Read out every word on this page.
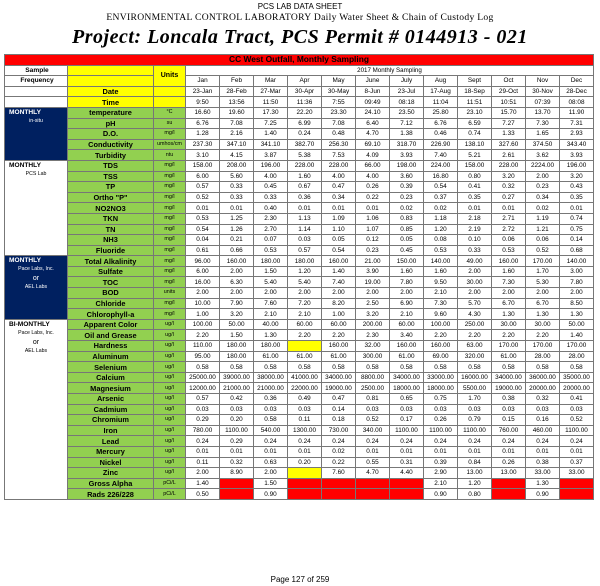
PCS LAB DATA SHEET
ENVIRONMENTAL CONTROL LABORATORY Daily Water Sheet & Chain of Custody Log
Project: Loncala Tract, PCS Permit # 0144913 - 021
CC West Outfall, Monthly Sampling														
Sample		Units	2017 Monthly Sampling											
Frequency			Jan	Feb	Mar	Apr	May	June	July	Aug	Sept	Oct	Nov	Dec
	Date		23-Jan	28-Feb	27-Mar	30-Apr	30-May	8-Jun	23-Jul	17-Aug	18-Sep	29-Oct	30-Nov	28-Dec
	Time		9:50	13:56	11:50	11:36	7:55	09:49	08:18	11:04	11:51	10:51	07:39	08:08

MONTHLY
in-situ	temperature	°C	16.60	19.60	17.30	22.20	23.30	24.10	23.50	25.80	23.10	15.70	13.70	11.90
	pH	su	6.76	7.08	7.25	6.99	7.08	6.40	7.12	6.76	6.59	7.27	7.30	7.31
	D.O.	mg/l	1.28	2.16	1.40	0.24	0.48	4.70	1.38	0.46	0.74	1.33	1.65	2.93
	Conductivity	umhos/cm	237.30	347.10	341.10	382.70	256.30	69.10	318.70	226.90	138.10	327.60	374.50	343.40
	Turbidity	ntu	3.10	4.15	3.87	5.38	7.53	4.09	3.93	7.40	5.21	2.61	3.62	3.93

MONTHLY
PCS Lab	TDS	mg/l	158.00	208.00	196.00	228.00	228.00	66.00	198.00	224.00	158.00	228.00	2224.00	196.00
	TSS	mg/l	6.00	5.60	4.00	1.60	4.00	4.00	3.60	16.80	0.80	3.20	2.00	3.20
	TP	mg/l	0.57	0.33	0.45	0.67	0.47	0.26	0.39	0.54	0.41	0.32	0.23	0.43
	Ortho "P"	mg/l	0.52	0.33	0.33	0.36	0.34	0.22	0.23	0.37	0.35	0.27	0.34	0.35
	NO2NO3	mg/l	0.01	0.01	0.40	0.01	0.01	0.01	0.02	0.02	0.01	0.01	0.02	0.01
	TKN	mg/l	0.53	1.25	2.30	1.13	1.09	1.06	0.83	1.18	2.18	2.71	1.19	0.74
	TN	mg/l	0.54	1.26	2.70	1.14	1.10	1.07	0.85	1.20	2.19	2.72	1.21	0.75
	NH3	mg/l	0.04	0.21	0.07	0.03	0.05	0.12	0.05	0.08	0.10	0.06	0.06	0.14
	Fluoride	mg/l	0.61	0.66	0.53	0.57	0.54	0.23	0.45	0.53	0.33	0.53	0.52	0.68

MONTHLY
Pace Labs, Inc.
or
AEL Labs	Total Alkalinity	mg/l	96.00	160.00	180.00	180.00	160.00	21.00	150.00	140.00	49.00	160.00	170.00	140.00
	Sulfate	mg/l	6.00	2.00	1.50	1.20	1.40	3.90	1.60	1.60	2.00	1.60	1.70	3.00
	TOC	mg/l	16.00	6.30	5.40	5.40	7.40	19.00	7.80	9.50	30.00	7.30	5.30	7.80
	BOD	units	2.00	2.00	2.00	2.00	2.00	2.00	2.00	2.10	2.00	2.00	2.00	2.00
	Chloride	mg/l	10.00	7.90	7.60	7.20	8.20	2.50	6.90	7.30	5.70	6.70	6.70	8.50
	Chlorophyll-a	mg/l	1.00	3.20	2.10	2.10	1.00	3.20	2.10	9.60	4.30	1.30	1.30	1.30

BI-MONTHLY
Pace Labs, Inc.
or
AEL Labs	Apparent Color	ug/l	100.00	50.00	40.00	60.00	60.00	200.00	60.00	100.00	250.00	30.00	30.00	50.00
	Oil and Grease	ug/l	2.20	1.50	1.30	2.20	2.20	2.30	3.40	2.20	2.20	2.20	2.20	1.40
	Hardness	ug/l	110.00	180.00	180.00		160.00	32.00	160.00	160.00	63.00	170.00	170.00	170.00
	Aluminum	ug/l	95.00	180.00	61.00	61.00	61.00	300.00	61.00	69.00	320.00	61.00	28.00	28.00
	Selenium	ug/l	0.58	0.58	0.58	0.58	0.58	0.58	0.58	0.58	0.58	0.58	0.58	0.58
	Calcium	ug/l	25000.00	39000.00	38000.00	41000.00	34000.00	8800.00	34000.00	33000.00	16000.00	34000.00	36000.00	35000.00
	Magnesium	ug/l	12000.00	21000.00	21000.00	22000.00	19000.00	2500.00	18000.00	18000.00	5500.00	19000.00	20000.00	20000.00
	Arsenic	ug/l	0.57	0.42	0.36	0.49	0.47	0.81	0.65	0.75	1.70	0.38	0.32	0.41
	Cadmium	ug/l	0.03	0.03	0.03	0.03	0.14	0.03	0.03	0.03	0.03	0.03	0.03	0.03
	Chromium	ug/l	0.29	0.20	0.58	0.11	0.18	0.52	0.17	0.26	0.79	0.15	0.16	0.52
	Iron	ug/l	780.00	1100.00	540.00	1300.00	730.00	340.00	1100.00	1100.00	1100.00	760.00	460.00	1100.00
	Lead	ug/l	0.24	0.29	0.24	0.24	0.24	0.24	0.24	0.24	0.24	0.24	0.24	0.24
	Mercury	ug/l	0.01	0.01	0.01	0.01	0.02	0.01	0.01	0.01	0.01	0.01	0.01	0.01
	Nickel	ug/l	0.11	0.32	0.63	0.20	0.22	0.55	0.31	0.39	0.84	0.26	0.38	0.37
	Zinc	ug/l	2.00	8.90	2.00		7.60	4.70	4.40	2.90	13.00	13.00	33.00	33.00
	Gross Alpha	pCi/L	1.40		1.50					2.10	1.20		1.30	
	Rads 226/228	pCi/L	0.50		0.90					0.90	0.80		0.90	
Page 127 of 259
